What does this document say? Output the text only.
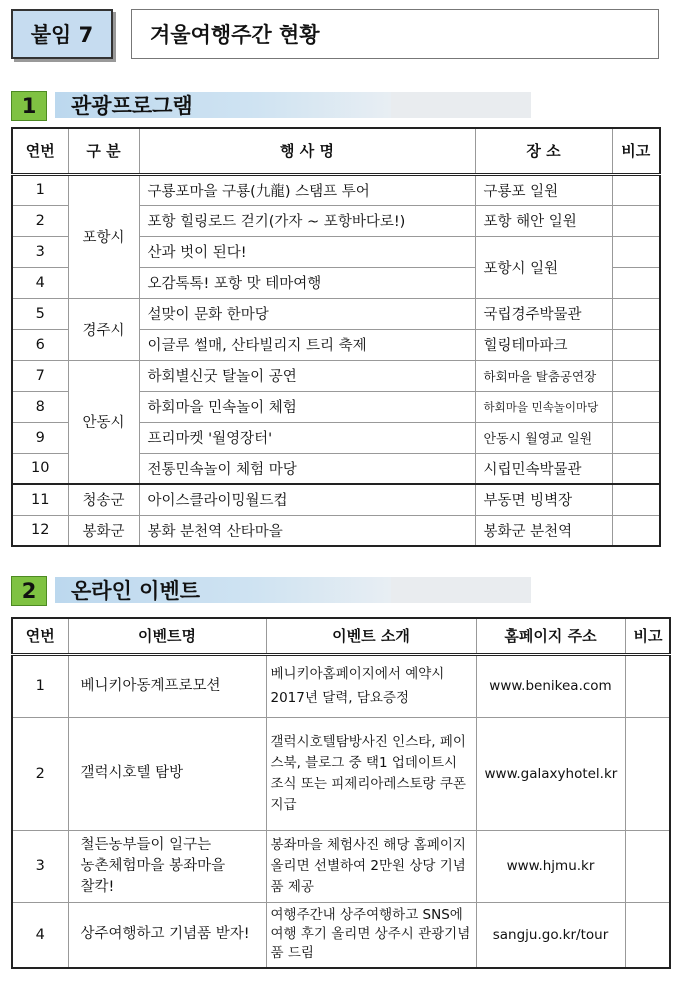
붙임 7	겨울여행주간 현황
1	관광프로그램
연번	구 분	행 사 명	장 소	비고
1	포항시	구룡포마을 구룡(九龍) 스탬프 투어	구룡포 일원	
2		포항 힐링로드 걷기(가자 ~ 포항바다로!)	포항 해안 일원	
3		산과 벗이 된다!	포항시 일원	
4		오감톡톡! 포항 맛 테마여행		
5	경주시	설맞이 문화 한마당	국립경주박물관	
6		이글루 썰매, 산타빌리지 트리 축제	힐링테마파크	
7	안동시	하회별신굿 탈놀이 공연	하회마을 탈춤공연장	
8		하회마을 민속놀이 체험	하회마을 민속놀이마당	
9		프리마켓 '월영장터'	안동시 월영교 일원	
10		전통민속놀이 체험 마당	시립민속박물관	
11	청송군	아이스클라이밍월드컵	부동면 빙벽장	
12	봉화군	봉화 분천역 산타마을	봉화군 분천역	
2	온라인 이벤트
연번	이벤트명	이벤트 소개	홈페이지 주소	비고
1	베니키아동계프로모션	베니키아홈페이지에서 예약시 2017년 달력, 담요증정	www.benikea.com	
2	갤럭시호텔 탐방	갤럭시호텔탐방사진 인스타, 페이스북, 블로그 중 택1 업데이트시 조식 또는 피제리아레스토랑 쿠폰지급	www.galaxyhotel.kr	
3	철든농부들이 일구는 농촌체험마을 봉좌마을 찰칵!	봉좌마을 체험사진 해당 홈페이지 올리면 선별하여 2만원 상당 기념품 제공	www.hjmu.kr	
4	상주여행하고 기념품 받자!	여행주간내 상주여행하고 SNS에 여행 후기 올리면 상주시 관광기념품 드림	sangju.go.kr/tour	
